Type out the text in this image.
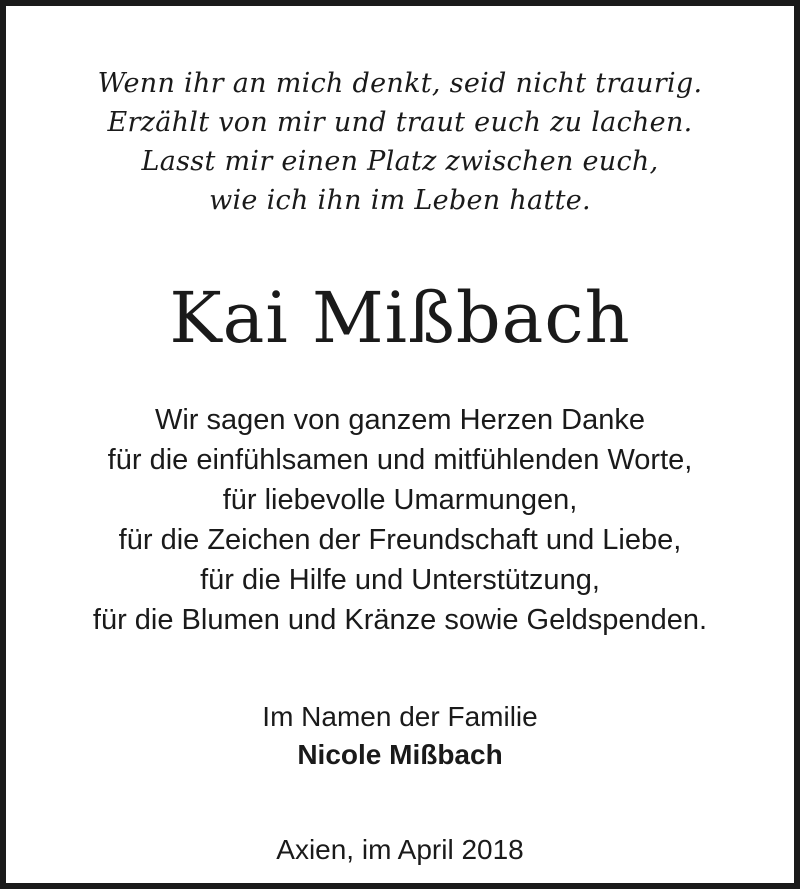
Wenn ihr an mich denkt, seid nicht traurig.
Erzählt von mir und traut euch zu lachen.
Lasst mir einen Platz zwischen euch,
wie ich ihn im Leben hatte.
Kai Mißbach
Wir sagen von ganzem Herzen Danke
für die einfühlsamen und mitfühlenden Worte,
für liebevolle Umarmungen,
für die Zeichen der Freundschaft und Liebe,
für die Hilfe und Unterstützung,
für die Blumen und Kränze sowie Geldspenden.
Im Namen der Familie
Nicole Mißbach
Axien, im April 2018
